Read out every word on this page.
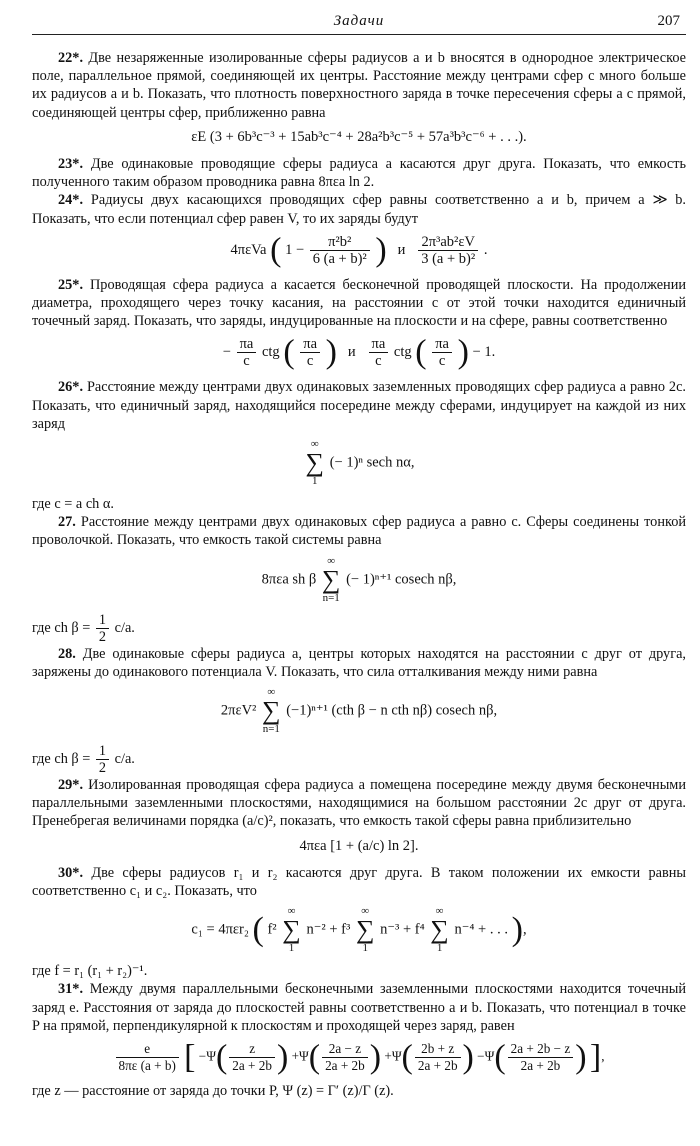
Задачи	207

22*. Две незаряженные изолированные сферы радиусов a и b вносятся в однородное электрическое поле, параллельное прямой, соединяющей их центры. Расстояние между центрами сфер c много больше их радиусов a и b. Показать, что плотность поверхностного заряда в точке пересечения сферы a с прямой, соединяющей центры сфер, приближенно равна

εE (3 + 6b³c⁻³ + 15ab³c⁻⁴ + 28a²b³c⁻⁵ + 57a³b³c⁻⁶ + . . .).

23*. Две одинаковые проводящие сферы радиуса a касаются друг друга. Показать, что емкость полученного таким образом проводника равна 8πεa ln 2.

24*. Радиусы двух касающихся проводящих сфер равны соответственно a и b, причем a ≫ b. Показать, что если потенциал сфер равен V, то их заряды будут

4πεVa ( $1 - \frac{\text{π²b²}}{\text{6 (a + b)²}}$ ) и $\frac{\text{2π³ab²εV}}{\text{3 (a + b)²}}$ .

25*. Проводящая сфера радиуса a касается бесконечной проводящей плоскости. На продолжении диаметра, проходящего через точку касания, на расстоянии c от этой точки находится единичный точечный заряд. Показать, что заряды, индуцированные на плоскости и на сфере, равны соответственно

− $\frac{\pi a}{c}$ ctg ( $\frac{\pi a}{c}$ ) и $\frac{\pi a}{c}$ ctg ( $\frac{\pi a}{c}$ ) − 1.

26*. Расстояние между центрами двух одинаковых заземленных проводящих сфер радиуса a равно 2c. Показать, что единичный заряд, находящийся посередине между сферами, индуцирует на каждой из них заряд

∞
∑
1
(− 1)ⁿ sech nα,

где c = a ch α.

27. Расстояние между центрами двух одинаковых сфер радиуса a равно c. Сферы соединены тонкой проволочкой. Показать, что емкость такой системы равна

8πεa sh β
∞
∑
n=1
(− 1)ⁿ⁺¹ cosech nβ,

где ch $\beta = \frac{1}{2} c/a$.

28. Две одинаковые сферы радиуса a, центры которых находятся на расстоянии c друг от друга, заряжены до одинакового потенциала V. Показать, что сила отталкивания между ними равна

2πεV²
∞
∑
n=1
(−1)ⁿ⁺¹ (cth β − n cth nβ) cosech nβ,

где ch $\beta = \frac{1}{2} c/a$.

29*. Изолированная проводящая сфера радиуса a помещена посередине между двумя бесконечными параллельными заземленными плоскостями, находящимися на большом расстоянии 2c друг от друга. Пренебрегая величинами порядка (a/c)², показать, что емкость такой сферы равна приблизительно

4πεa [1 + (a/c) ln 2].

30*. Две сферы радиусов r₁ и r₂ касаются друг друга. В таком положении их емкости равны соответственно c₁ и c₂. Показать, что

c₁ = 4πεr₂ ( f²
∞
∑
1
n⁻² + f³
∞
∑
1
n⁻³ + f⁴
∞
∑
1
n⁻⁴ + . . . ),

где f = r₁ (r₁ + r₂)⁻¹.

31*. Между двумя параллельными бесконечными заземленными плоскостями находится точечный заряд e. Расстояния от заряда до плоскостей равны соответственно a и b. Показать, что потенциал в точке P на прямой, перпендикулярной к плоскостям и проходящей через заряд, равен

$\frac{e}{8\pi\varepsilon (a + b)}$ [ $-\Psi( \frac{z}{2a + 2b}$ ) $+\Psi( \frac{2a - z}{2a + 2b}$ ) $+\Psi( \frac{2b + z}{2a + 2b}$ ) $-\Psi( \frac{2a + 2b - z}{2a + 2b}$ ) ],

где z — расстояние от заряда до точки P, Ψ (z) = Γ′ (z)/Γ (z).
